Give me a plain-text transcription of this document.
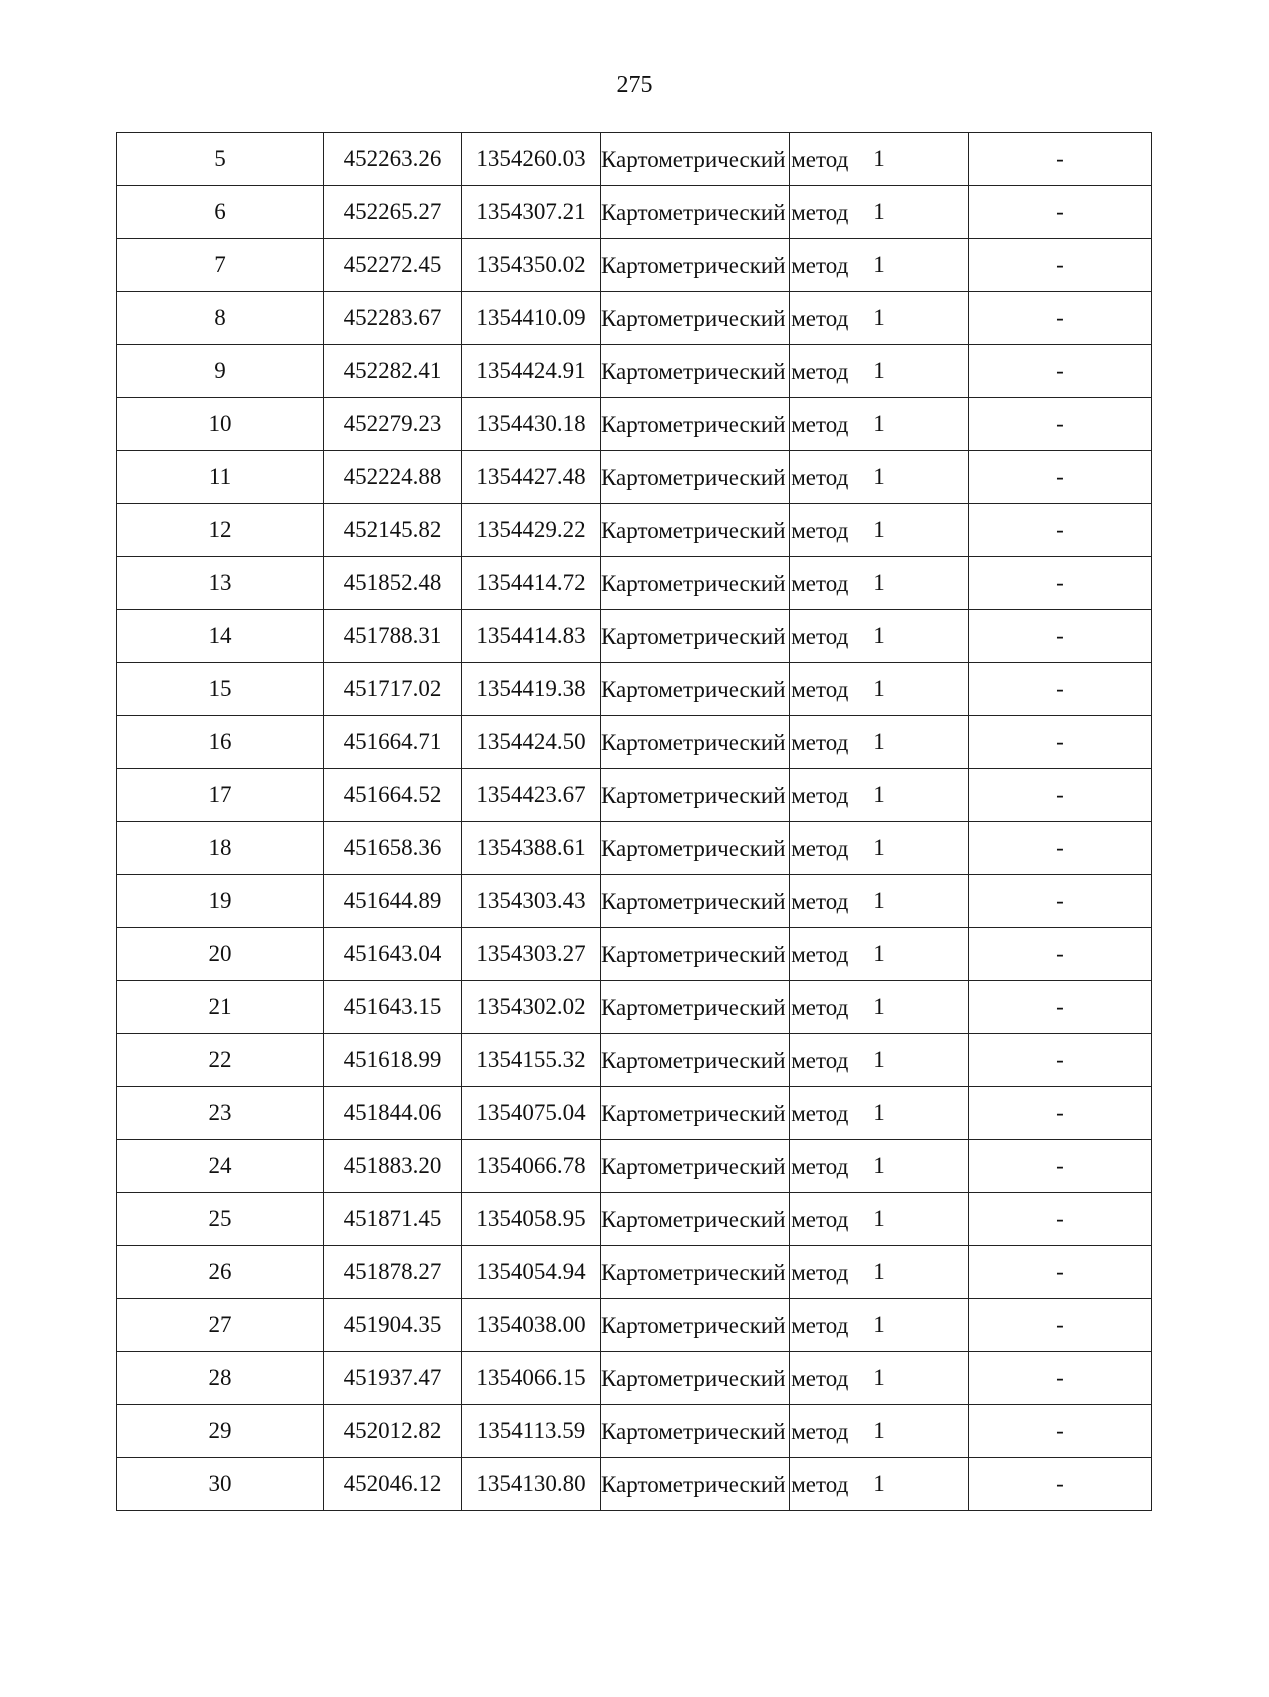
275
5	452263.26	1354260.03	Картометрический метод	1	-
6	452265.27	1354307.21	Картометрический метод	1	-
7	452272.45	1354350.02	Картометрический метод	1	-
8	452283.67	1354410.09	Картометрический метод	1	-
9	452282.41	1354424.91	Картометрический метод	1	-
10	452279.23	1354430.18	Картометрический метод	1	-
11	452224.88	1354427.48	Картометрический метод	1	-
12	452145.82	1354429.22	Картометрический метод	1	-
13	451852.48	1354414.72	Картометрический метод	1	-
14	451788.31	1354414.83	Картометрический метод	1	-
15	451717.02	1354419.38	Картометрический метод	1	-
16	451664.71	1354424.50	Картометрический метод	1	-
17	451664.52	1354423.67	Картометрический метод	1	-
18	451658.36	1354388.61	Картометрический метод	1	-
19	451644.89	1354303.43	Картометрический метод	1	-
20	451643.04	1354303.27	Картометрический метод	1	-
21	451643.15	1354302.02	Картометрический метод	1	-
22	451618.99	1354155.32	Картометрический метод	1	-
23	451844.06	1354075.04	Картометрический метод	1	-
24	451883.20	1354066.78	Картометрический метод	1	-
25	451871.45	1354058.95	Картометрический метод	1	-
26	451878.27	1354054.94	Картометрический метод	1	-
27	451904.35	1354038.00	Картометрический метод	1	-
28	451937.47	1354066.15	Картометрический метод	1	-
29	452012.82	1354113.59	Картометрический метод	1	-
30	452046.12	1354130.80	Картометрический метод	1	-
